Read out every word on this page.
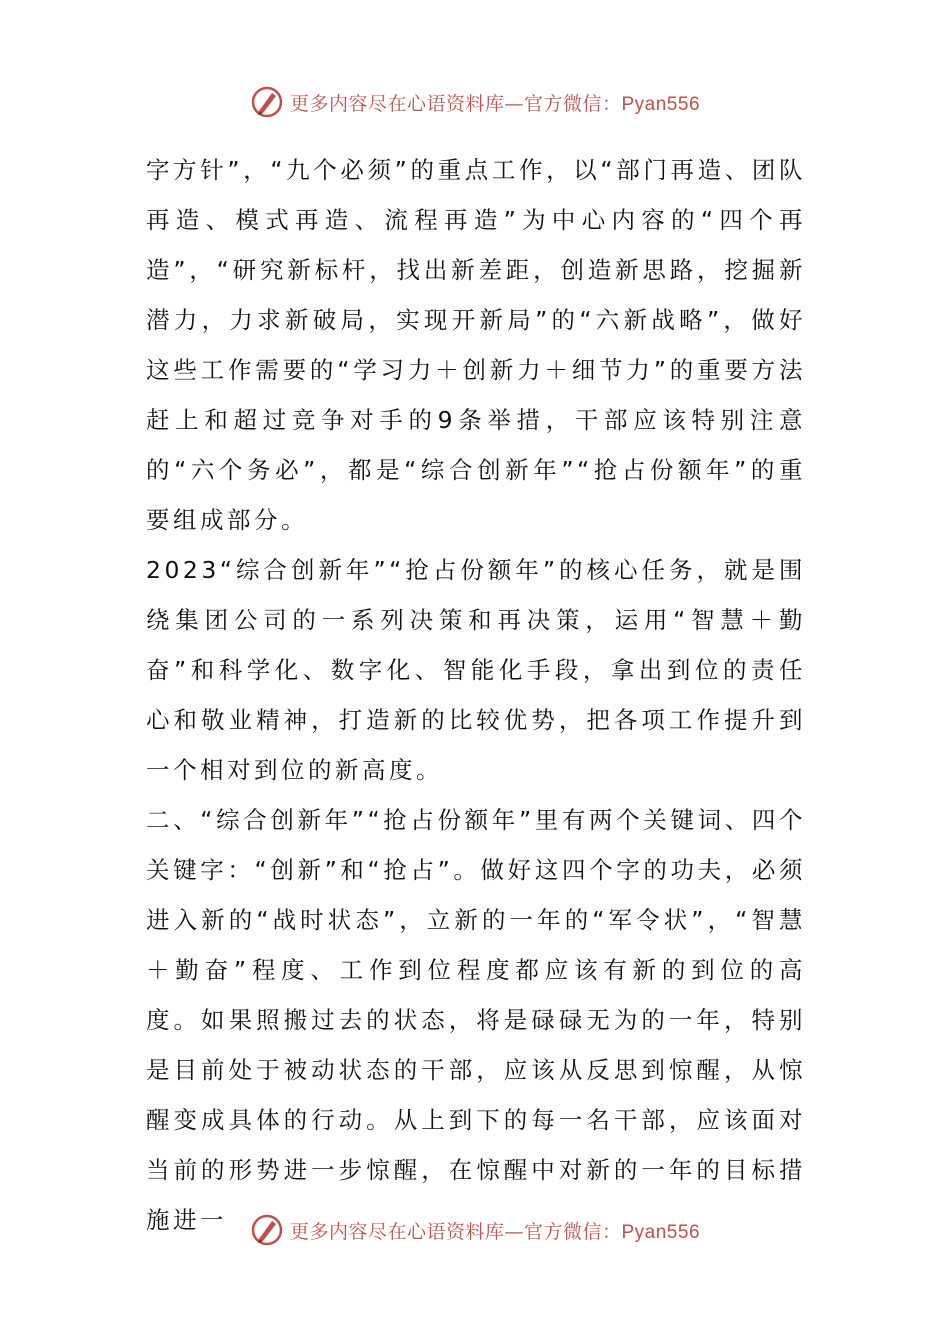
更多内容尽在心语资料库—官方微信：Pyan556

字方针”，“九个必须”的重点工作，以“部门再造、团队再造、模式再造、流程再造”为中心内容的“四个再造”，“研究新标杆，找出新差距，创造新思路，挖掘新潜力，力求新破局，实现开新局”的“六新战略”，做好这些工作需要的“学习力＋创新力＋细节力”的重要方法赶上和超过竞争对手的9条举措，干部应该特别注意的“六个务必”，都是“综合创新年”“抢占份额年”的重要组成部分。

2023“综合创新年”“抢占份额年”的核心任务，就是围绕集团公司的一系列决策和再决策，运用“智慧＋勤奋”和科学化、数字化、智能化手段，拿出到位的责任心和敬业精神，打造新的比较优势，把各项工作提升到一个相对到位的新高度。

二、“综合创新年”“抢占份额年”里有两个关键词、四个关键字：“创新”和“抢占”。做好这四个字的功夫，必须进入新的“战时状态”，立新的一年的“军令状”，“智慧＋勤奋”程度、工作到位程度都应该有新的到位的高度。如果照搬过去的状态，将是碌碌无为的一年，特别是目前处于被动状态的干部，应该从反思到惊醒，从惊醒变成具体的行动。从上到下的每一名干部，应该面对当前的形势进一步惊醒，在惊醒中对新的一年的目标措施进一	更多内容尽在心语资料库—官方微信：Pyan556
